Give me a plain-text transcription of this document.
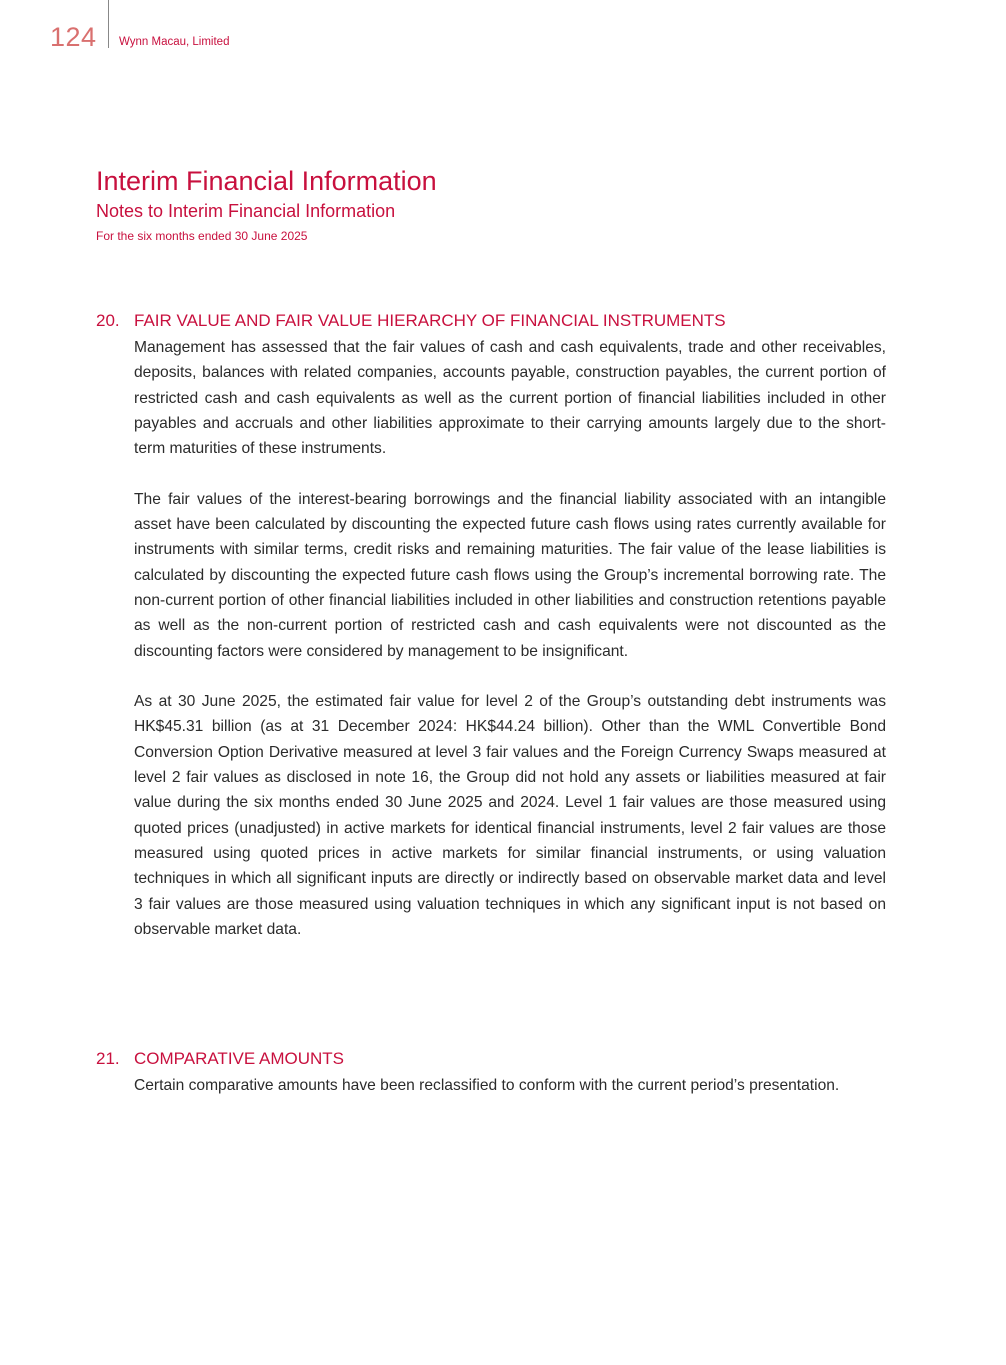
124 Wynn Macau, Limited
Interim Financial Information
Notes to Interim Financial Information
For the six months ended 30 June 2025
20. FAIR VALUE AND FAIR VALUE HIERARCHY OF FINANCIAL INSTRUMENTS

Management has assessed that the fair values of cash and cash equivalents, trade and other receivables, deposits, balances with related companies, accounts payable, construction payables, the current portion of restricted cash and cash equivalents as well as the current portion of financial liabilities included in other payables and accruals and other liabilities approximate to their carrying amounts largely due to the short-term maturities of these instruments.

The fair values of the interest-bearing borrowings and the financial liability associated with an intangible asset have been calculated by discounting the expected future cash flows using rates currently available for instruments with similar terms, credit risks and remaining maturities. The fair value of the lease liabilities is calculated by discounting the expected future cash flows using the Group’s incremental borrowing rate. The non-current portion of other financial liabilities included in other liabilities and construction retentions payable as well as the non-current portion of restricted cash and cash equivalents were not discounted as the discounting factors were considered by management to be insignificant.

As at 30 June 2025, the estimated fair value for level 2 of the Group’s outstanding debt instruments was HK$45.31 billion (as at 31 December 2024: HK$44.24 billion). Other than the WML Convertible Bond Conversion Option Derivative measured at level 3 fair values and the Foreign Currency Swaps measured at level 2 fair values as disclosed in note 16, the Group did not hold any assets or liabilities measured at fair value during the six months ended 30 June 2025 and 2024. Level 1 fair values are those measured using quoted prices (unadjusted) in active markets for identical financial instruments, level 2 fair values are those measured using quoted prices in active markets for similar financial instruments, or using valuation techniques in which all significant inputs are directly or indirectly based on observable market data and level 3 fair values are those measured using valuation techniques in which any significant input is not based on observable market data.

21. COMPARATIVE AMOUNTS

Certain comparative amounts have been reclassified to conform with the current period’s presentation.
